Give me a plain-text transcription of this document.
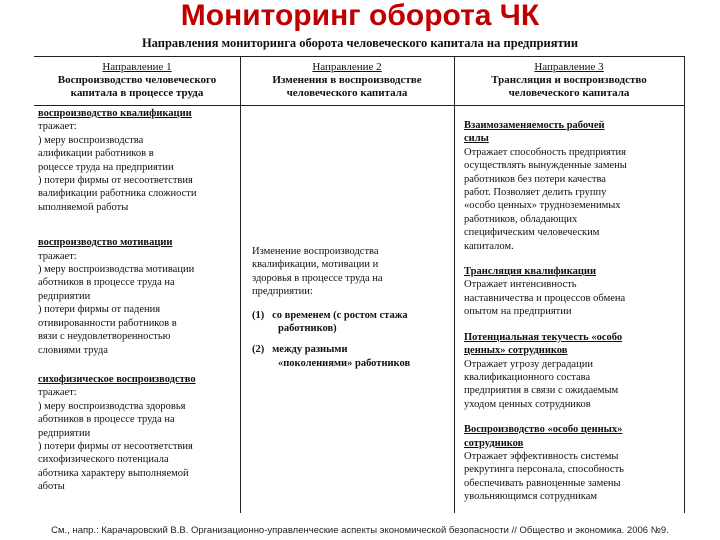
Мониторинг оборота ЧК
Направления мониторинга оборота человеческого капитала на предприятии
Направление 1
Воспроизводство человеческого капитала в процессе труда
Направление 2
Изменения в воспроизводстве человеческого капитала
Направление 3
Трансляция и воспроизводство человеческого капитала

воспроизводство квалификации

тражает:

) меру воспроизводства

алификации работников в

роцессе труда на предприятии

) потери фирмы от несоответствия

валификации работника сложности

ыполняемой работы

воспроизводство мотивации

тражает:

) меру воспроизводства мотивации

аботников в процессе труда на

редприятии

) потери фирмы от падения

отивированности работников в

вязи с неудовлетворенностью

словиями труда

сихофизическое воспроизводство

тражает:

) меру воспроизводства здоровья

аботников в процессе труда на

редприятии

) потери фирмы от несоответствия

сихофизического потенциала

аботника характеру выполняемой

аботы

Изменение воспроизводства

квалификации, мотивации и

здоровья в процессе труда на

предприятии:

(1) со временем (с ростом стажа
работников)

(2) между разными
«поколениями» работников

Взаимозаменяемость рабочей

силы

Отражает способность предприятия

осуществлять вынужденные замены

работников без потери качества

работ. Позволяет делить группу

«особо ценных» трудноземенимых

работников, обладающих

специфическим человеческим

капиталом.

Трансляция квалификации

Отражает интенсивность

наставничества и процессов обмена

опытом на предприятии

Потенциальная текучесть «особо

ценных» сотрудников

Отражает угрозу деградации

квалификационного состава

предприятия в связи с ожидаемым

уходом ценных сотрудников

Воспроизводство «особо ценных»

сотрудников

Отражает эффективность системы

рекрутинга персонала, способность

обеспечивать равноценные замены

увольняющимся сотрудникам

См., напр.: Карачаровский В.В. Организационно-управленческие аспекты экономической безопасности // Общество и экономика. 2006 №9.
